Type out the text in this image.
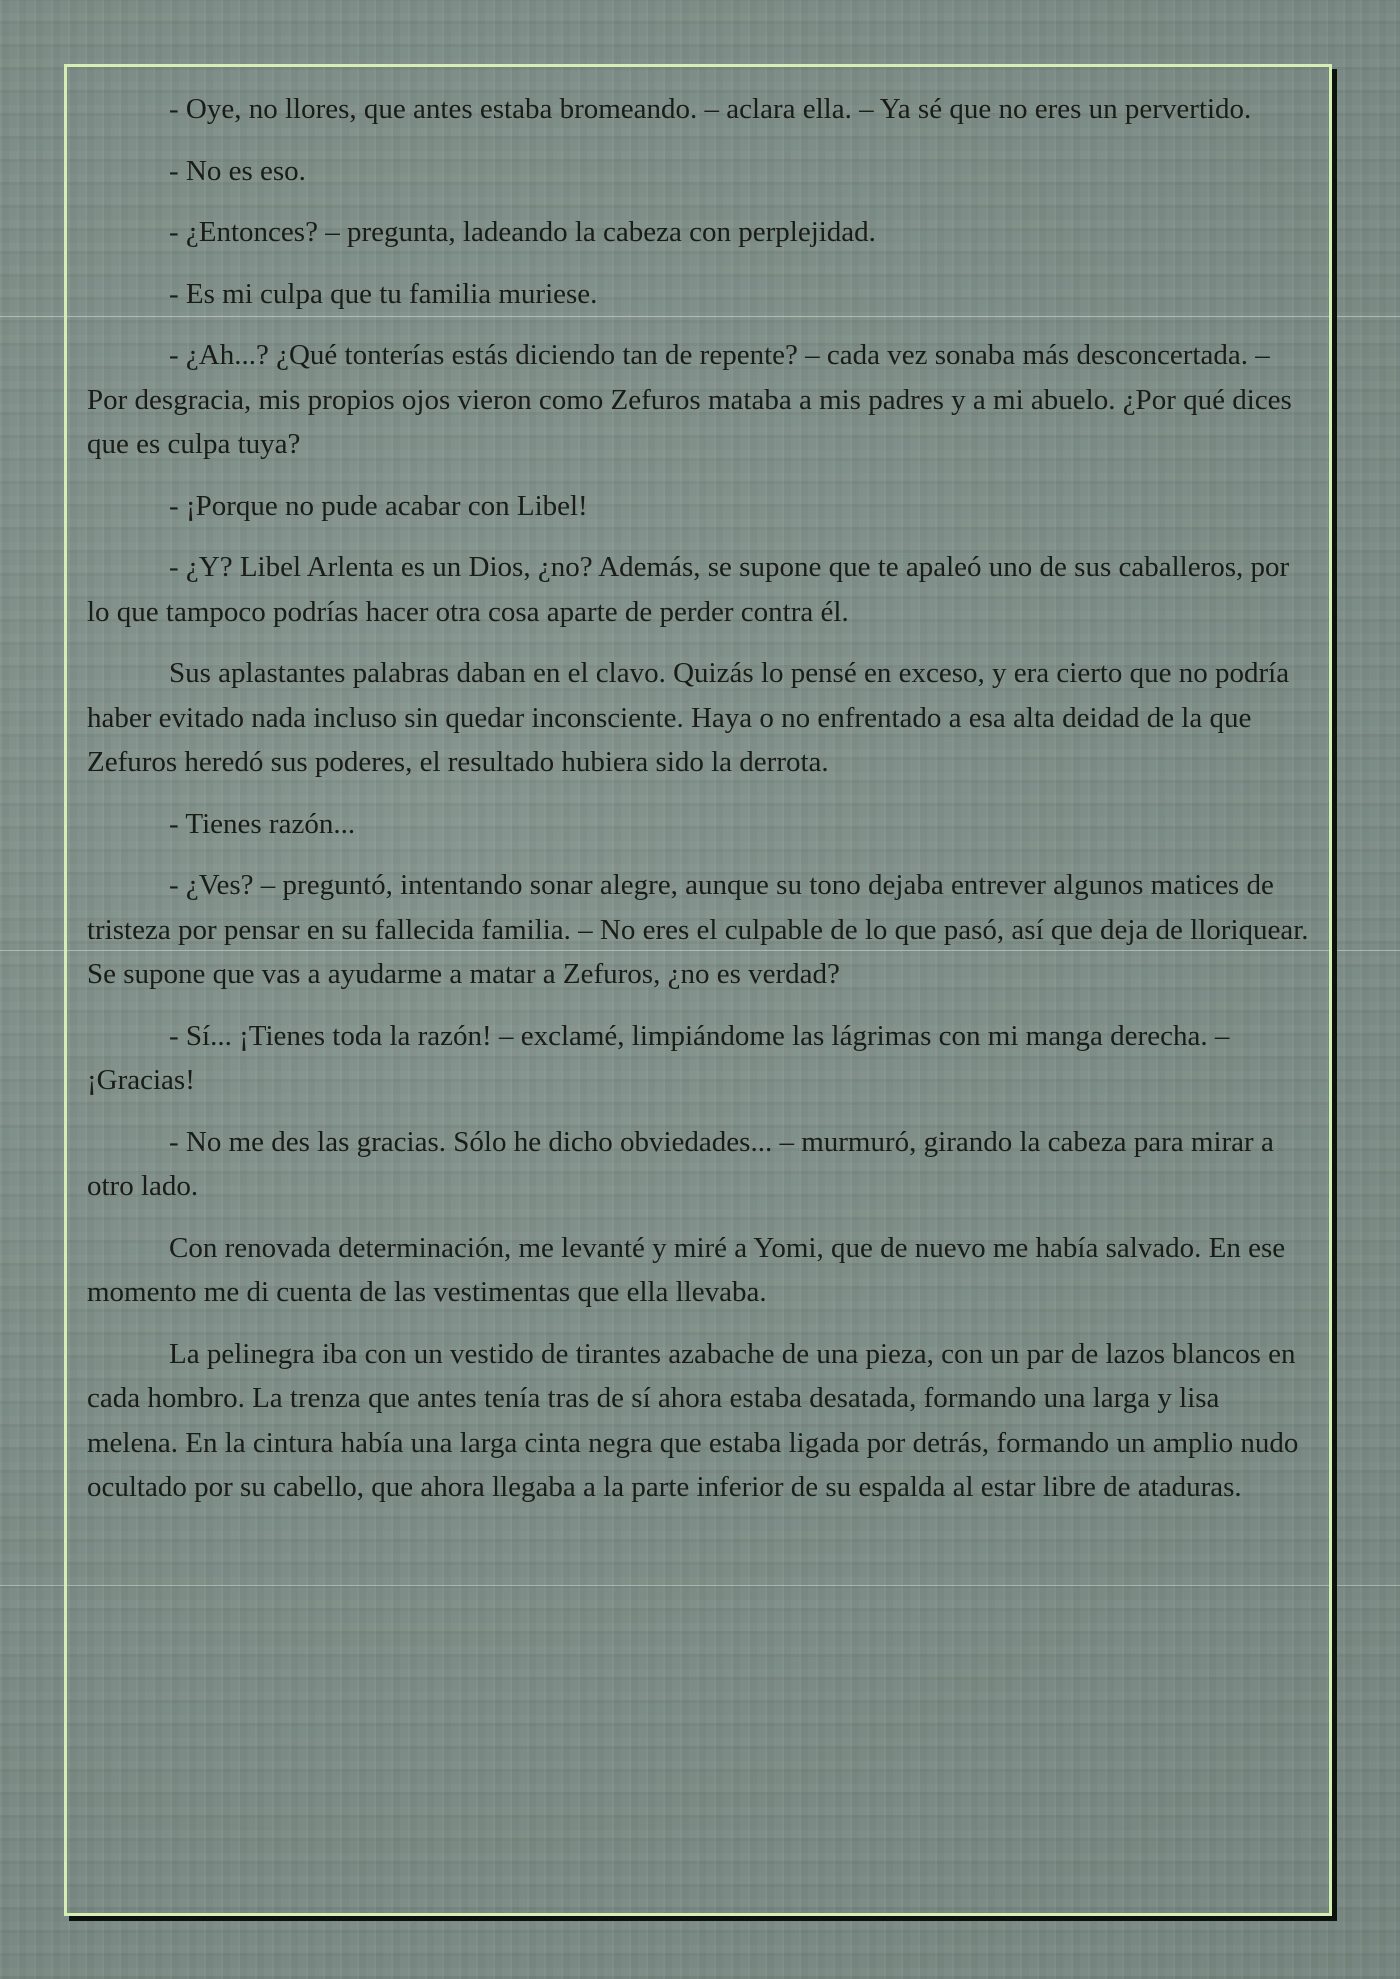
- Oye, no llores, que antes estaba bromeando. – aclara ella. – Ya sé que no eres un pervertido.

- No es eso.

- ¿Entonces? – pregunta, ladeando la cabeza con perplejidad.

- Es mi culpa que tu familia muriese.

- ¿Ah...? ¿Qué tonterías estás diciendo tan de repente? – cada vez sonaba más desconcertada. – Por desgracia, mis propios ojos vieron como Zefuros mataba a mis padres y a mi abuelo. ¿Por qué dices que es culpa tuya?

- ¡Porque no pude acabar con Libel!

- ¿Y? Libel Arlenta es un Dios, ¿no? Además, se supone que te apaleó uno de sus caballeros, por lo que tampoco podrías hacer otra cosa aparte de perder contra él.

Sus aplastantes palabras daban en el clavo. Quizás lo pensé en exceso, y era cierto que no podría haber evitado nada incluso sin quedar inconsciente. Haya o no enfrentado a esa alta deidad de la que Zefuros heredó sus poderes, el resultado hubiera sido la derrota.

- Tienes razón...

- ¿Ves? – preguntó, intentando sonar alegre, aunque su tono dejaba entrever algunos matices de tristeza por pensar en su fallecida familia. – No eres el culpable de lo que pasó, así que deja de lloriquear. Se supone que vas a ayudarme a matar a Zefuros, ¿no es verdad?

- Sí... ¡Tienes toda la razón! – exclamé, limpiándome las lágrimas con mi manga derecha. – ¡Gracias!

- No me des las gracias. Sólo he dicho obviedades... – murmuró, girando la cabeza para mirar a otro lado.

Con renovada determinación, me levanté y miré a Yomi, que de nuevo me había salvado. En ese momento me di cuenta de las vestimentas que ella llevaba.

La pelinegra iba con un vestido de tirantes azabache de una pieza, con un par de lazos blancos en cada hombro. La trenza que antes tenía tras de sí ahora estaba desatada, formando una larga y lisa melena. En la cintura había una larga cinta negra que estaba ligada por detrás, formando un amplio nudo ocultado por su cabello, que ahora llegaba a la parte inferior de su espalda al estar libre de ataduras.
